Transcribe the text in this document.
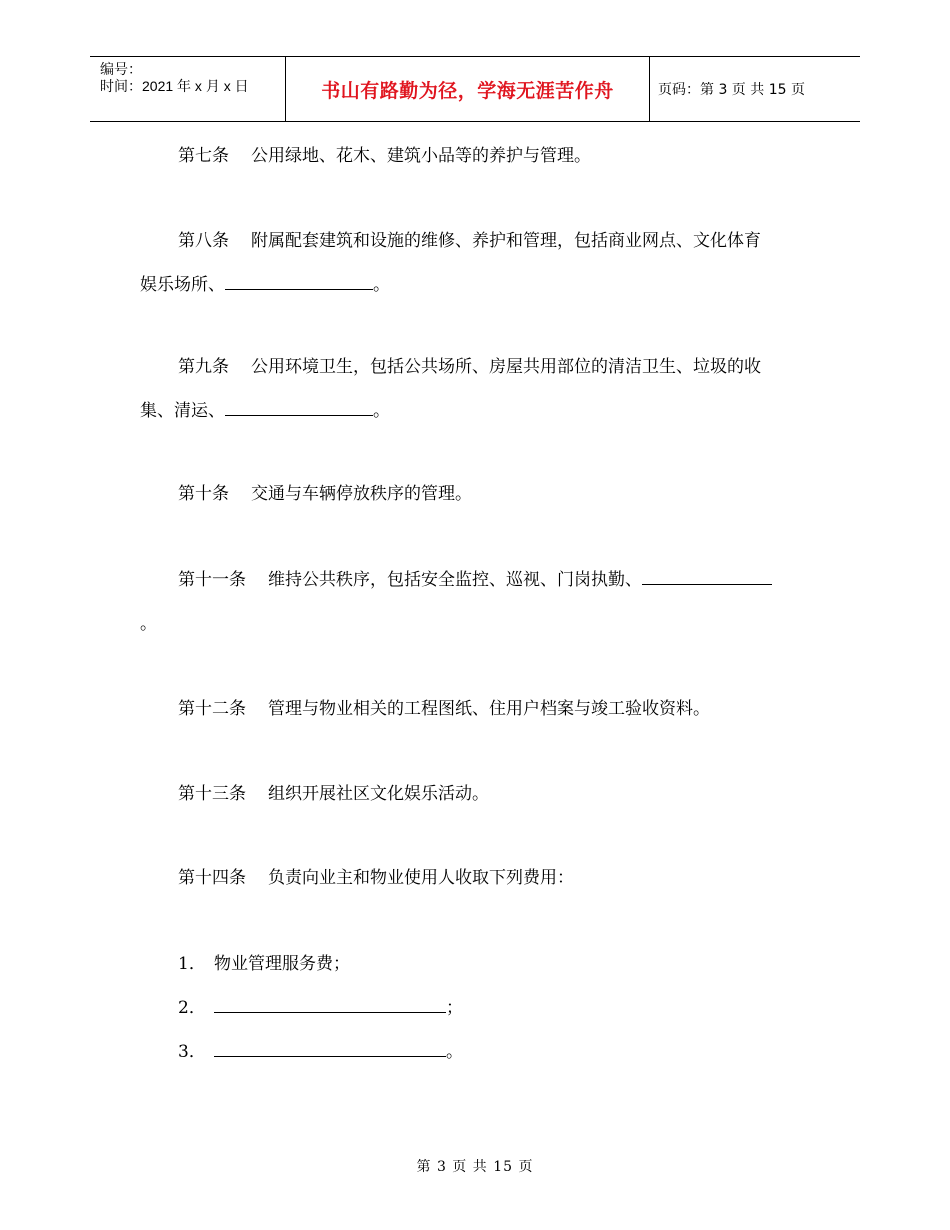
编号：
时间：2021 年 x 月 x 日	书山有路勤为径，学海无涯苦作舟	页码：第 3 页 共 15 页

第七条 公用绿地、花木、建筑小品等的养护与管理。

第八条 附属配套建筑和设施的维修、养护和管理，包括商业网点、文化体育
娱乐场所、	。

第九条 公用环境卫生，包括公共场所、房屋共用部位的清洁卫生、垃圾的收
集、清运、	。

第十条 交通与车辆停放秩序的管理。

第十一条 维持公共秩序，包括安全监控、巡视、门岗执勤、
。

第十二条 管理与物业相关的工程图纸、住用户档案与竣工验收资料。

第十三条 组织开展社区文化娱乐活动。

第十四条 负责向业主和物业使用人收取下列费用：

1． 物业管理服务费；
2．	；
3．	。
第 3 页 共 15 页
